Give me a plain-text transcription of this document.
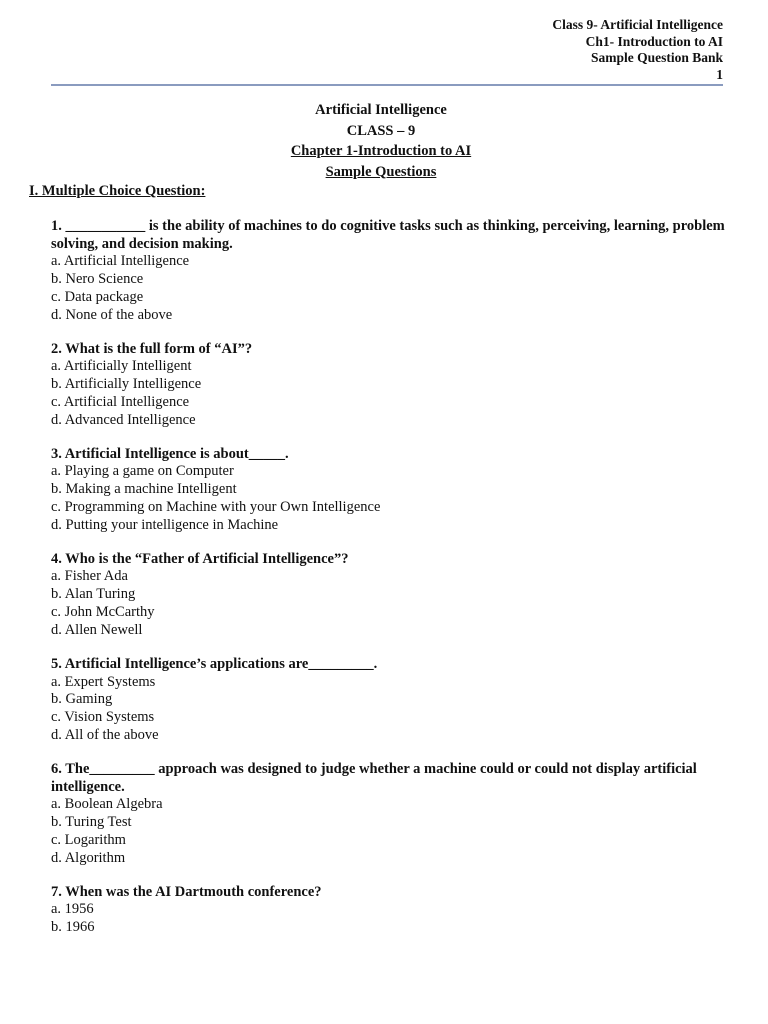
Class 9- Artificial Intelligence
Ch1- Introduction to AI
Sample Question Bank
1
Artificial Intelligence
CLASS – 9
Chapter 1-Introduction to AI
Sample Questions
I. Multiple Choice Question:
1. ___________ is the ability of machines to do cognitive tasks such as thinking, perceiving, learning, problem solving, and decision making.
a. Artificial Intelligence
b. Nero Science
c. Data package
d. None of the above
2. What is the full form of “AI”?
a. Artificially Intelligent
b. Artificially Intelligence
c. Artificial Intelligence
d. Advanced Intelligence
3. Artificial Intelligence is about_____.
a. Playing a game on Computer
b. Making a machine Intelligent
c. Programming on Machine with your Own Intelligence
d. Putting your intelligence in Machine
4. Who is the “Father of Artificial Intelligence”?
a. Fisher Ada
b. Alan Turing
c. John McCarthy
d. Allen Newell
5. Artificial Intelligence’s applications are_________.
a. Expert Systems
b. Gaming
c. Vision Systems
d. All of the above
6. The_________ approach was designed to judge whether a machine could or could not display artificial intelligence.
a. Boolean Algebra
b. Turing Test
c. Logarithm
d. Algorithm
7. When was the AI Dartmouth conference?
a. 1956
b. 1966
